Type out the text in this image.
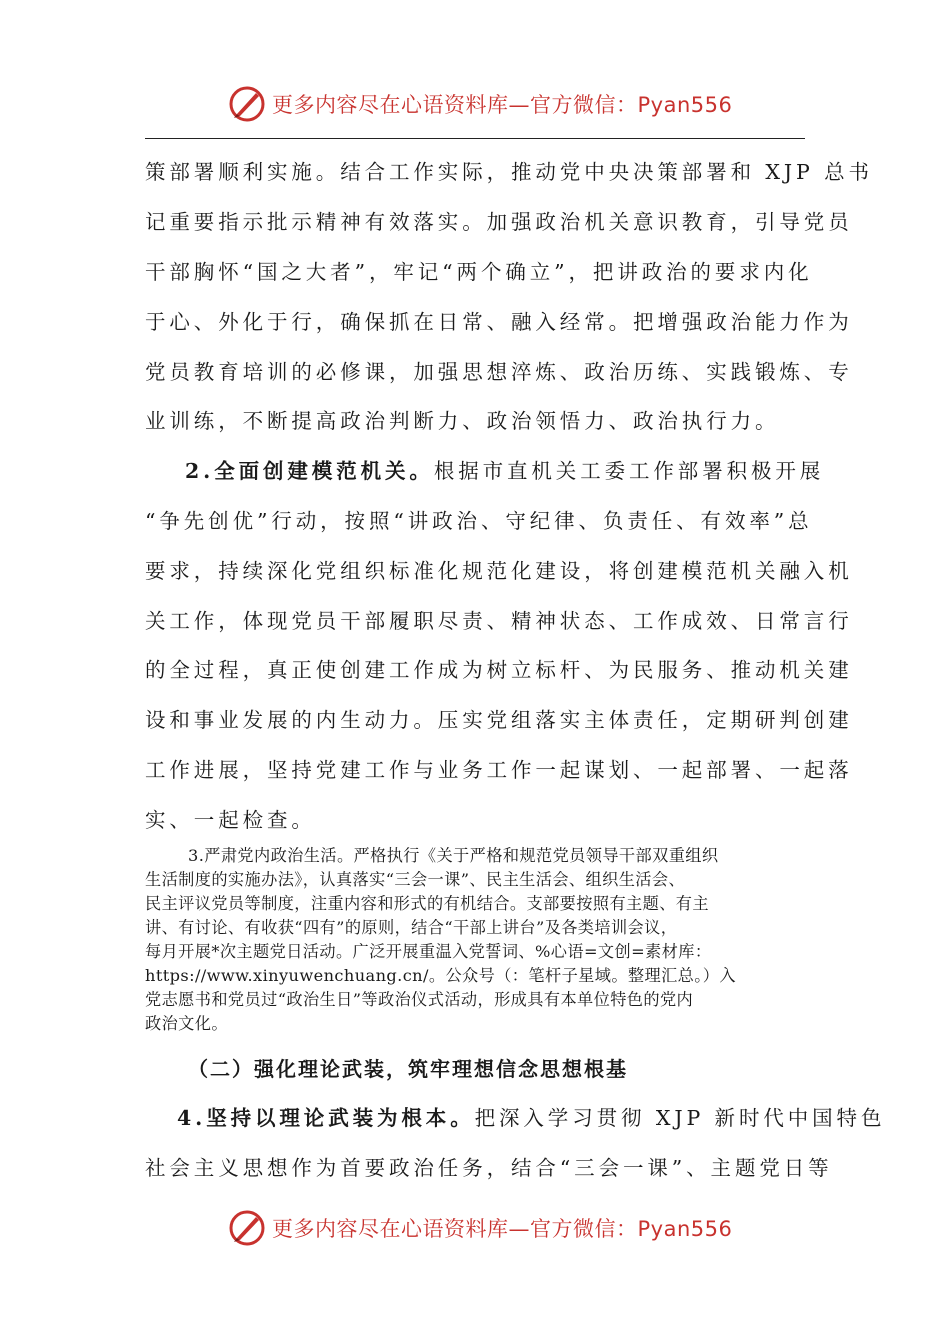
更多内容尽在心语资料库—官方微信：Pyan556
策部署顺利实施。结合工作实际，推动党中央决策部署和 XJP 总书
记重要指示批示精神有效落实。加强政治机关意识教育，引导党员
干部胸怀“国之大者”，牢记“两个确立”，把讲政治的要求内化
于心、外化于行，确保抓在日常、融入经常。把增强政治能力作为
党员教育培训的必修课，加强思想淬炼、政治历练、实践锻炼、专
业训练，不断提高政治判断力、政治领悟力、政治执行力。
2.全面创建模范机关。根据市直机关工委工作部署积极开展
“争先创优”行动，按照“讲政治、守纪律、负责任、有效率”总
要求，持续深化党组织标准化规范化建设，将创建模范机关融入机
关工作，体现党员干部履职尽责、精神状态、工作成效、日常言行
的全过程，真正使创建工作成为树立标杆、为民服务、推动机关建
设和事业发展的内生动力。压实党组落实主体责任，定期研判创建
工作进展，坚持党建工作与业务工作一起谋划、一起部署、一起落
实、一起检查。
3.严肃党内政治生活。严格执行《关于严格和规范党员领导干部双重组织
生活制度的实施办法》，认真落实“三会一课”、民主生活会、组织生活会、
民主评议党员等制度，注重内容和形式的有机结合。支部要按照有主题、有主
讲、有讨论、有收获“四有”的原则，结合“干部上讲台”及各类培训会议，
每月开展*次主题党日活动。广泛开展重温入党誓词、%心语=文创=素材库：
https://www.xinyuwenchuang.cn/。公众号（：笔杆子星域。整理汇总。）入
党志愿书和党员过“政治生日”等政治仪式活动，形成具有本单位特色的党内
政治文化。
（二）强化理论武装，筑牢理想信念思想根基
4.坚持以理论武装为根本。把深入学习贯彻 XJP 新时代中国特色
社会主义思想作为首要政治任务，结合“三会一课”、主题党日等
更多内容尽在心语资料库—官方微信：Pyan556
